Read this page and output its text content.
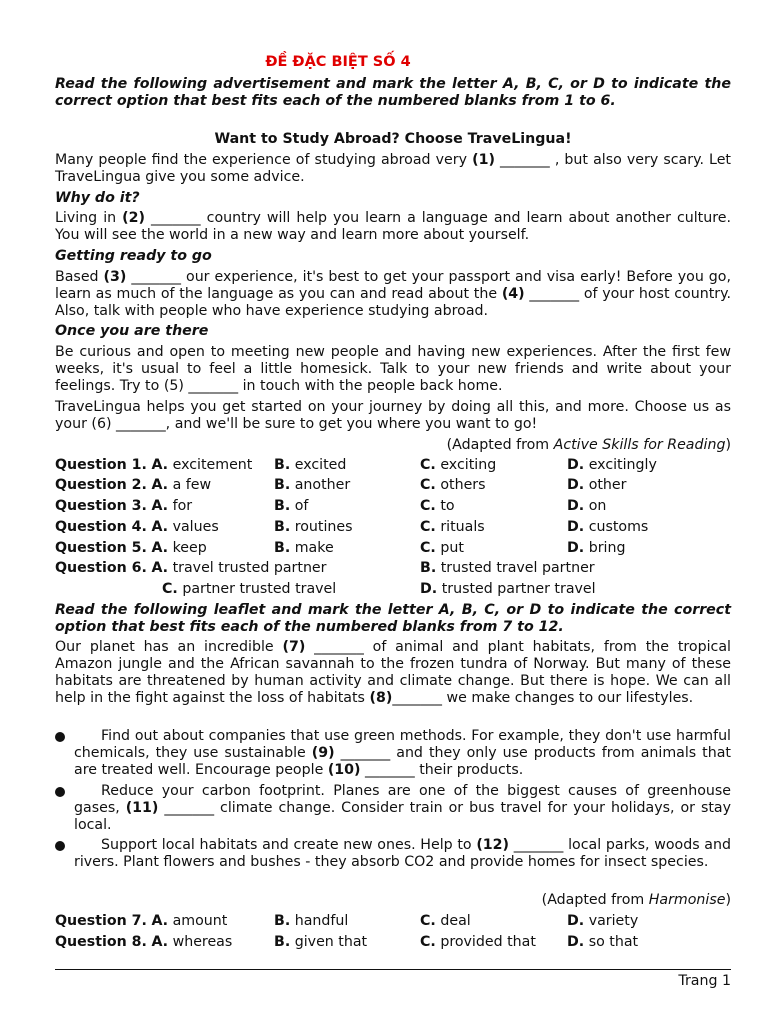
ĐỀ ĐẶC BIỆT SỐ 4
Read the following advertisement and mark the letter A, B, C, or D to indicate the correct option that best fits each of the numbered blanks from 1 to 6.
Want to Study Abroad? Choose TraveLingua!

Many people find the experience of studying abroad very (1) _______ , but also very scary. Let TraveLingua give you some advice.

Why do it?

Living in (2) _______ country will help you learn a language and learn about another culture. You will see the world in a new way and learn more about yourself.

Getting ready to go

Based (3) _______ our experience, it's best to get your passport and visa early! Before you go, learn as much of the language as you can and read about the (4) _______ of your host country. Also, talk with people who have experience studying abroad.

Once you are there

Be curious and open to meeting new people and having new experiences. After the first few weeks, it's usual to feel a little homesick. Talk to your new friends and write about your feelings. Try to (5) _______ in touch with the people back home.

TraveLingua helps you get started on your journey by doing all this, and more. Choose us as your (6) _______, and we'll be sure to get you where you want to go!

(Adapted from Active Skills for Reading)
Question 1. A. excitement B. excited	C. exciting	D. excitingly
Question 2. A. a few	B. another	C. others	D. other
Question 3. A. for	B. of	C. to	D. on
Question 4. A. values	B. routines	C. rituals	D. customs
Question 5. A. keep	B. make	C. put	D. bring
Question 6. A. travel trusted partner	B. trusted travel partner
C. partner trusted travel	D. trusted partner travel
Read the following leaflet and mark the letter A, B, C, or D to indicate the correct option that best fits each of the numbered blanks from 7 to 12.

Our planet has an incredible (7) _______ of animal and plant habitats, from the tropical Amazon jungle and the African savannah to the frozen tundra of Norway. But many of these habitats are threatened by human activity and climate change. But there is hope. We can all help in the fight against the loss of habitats (8)_______ we make changes to our lifestyles.

Find out about companies that use green methods. For example, they don't use harmful chemicals, they use sustainable (9) _______ and they only use products from animals that are treated well. Encourage people (10) _______ their products.

Reduce your carbon footprint. Planes are one of the biggest causes of greenhouse gases, (11) _______ climate change. Consider train or bus travel for your holidays, or stay local.

Support local habitats and create new ones. Help to (12) _______ local parks, woods and rivers. Plant flowers and bushes - they absorb CO2 and provide homes for insect species.

(Adapted from Harmonise)
Question 7. A. amount	B. handful	C. deal	D. variety
Question 8. A. whereas	B. given that	C. provided that D. so that
Trang 1
